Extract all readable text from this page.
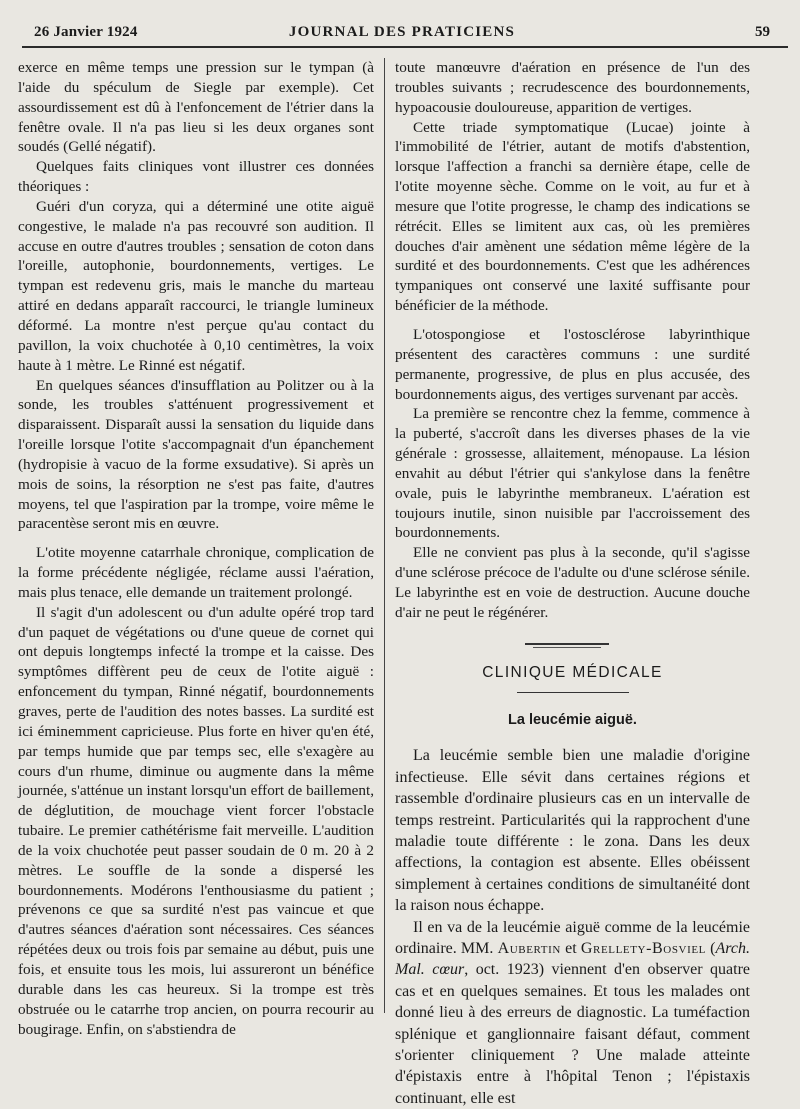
26 Janvier 1924	JOURNAL DES PRATICIENS	59

exerce en même temps une pression sur le tympan (à l'aide du spéculum de Siegle par exemple). Cet assourdissement est dû à l'enfoncement de l'étrier dans la fenêtre ovale. Il n'a pas lieu si les deux organes sont soudés (Gellé négatif).

Quelques faits cliniques vont illustrer ces données théoriques :

Guéri d'un coryza, qui a déterminé une otite aiguë congestive, le malade n'a pas recouvré son audition. Il accuse en outre d'autres troubles ; sensation de coton dans l'oreille, autophonie, bourdonnements, vertiges. Le tympan est redevenu gris, mais le manche du marteau attiré en dedans apparaît raccourci, le triangle lumineux déformé. La montre n'est perçue qu'au contact du pavillon, la voix chuchotée à 0,10 centimètres, la voix haute à 1 mètre. Le Rinné est négatif.

En quelques séances d'insufflation au Politzer ou à la sonde, les troubles s'atténuent progressivement et disparaissent. Disparaît aussi la sensation du liquide dans l'oreille lorsque l'otite s'accompagnait d'un épanchement (hydropisie à vacuo de la forme exsudative). Si après un mois de soins, la résorption ne s'est pas faite, d'autres moyens, tel que l'aspiration par la trompe, voire même le paracentèse seront mis en œuvre.

L'otite moyenne catarrhale chronique, complication de la forme précédente négligée, réclame aussi l'aération, mais plus tenace, elle demande un traitement prolongé.

Il s'agit d'un adolescent ou d'un adulte opéré trop tard d'un paquet de végétations ou d'une queue de cornet qui ont depuis longtemps infecté la trompe et la caisse. Des symptômes diffèrent peu de ceux de l'otite aiguë : enfoncement du tympan, Rinné négatif, bourdonnements graves, perte de l'audition des notes basses. La surdité est ici éminemment capricieuse. Plus forte en hiver qu'en été, par temps humide que par temps sec, elle s'exagère au cours d'un rhume, diminue ou augmente dans la même journée, s'atténue un instant lorsqu'un effort de baillement, de déglutition, de mouchage vient forcer l'obstacle tubaire. Le premier cathétérisme fait merveille. L'audition de la voix chuchotée peut passer soudain de 0 m. 20 à 2 mètres. Le souffle de la sonde a dispersé les bourdonnements. Modérons l'enthousiasme du patient ; prévenons ce que sa surdité n'est pas vaincue et que d'autres séances d'aération sont nécessaires. Ces séances répétées deux ou trois fois par semaine au début, puis une fois, et ensuite tous les mois, lui assureront un bénéfice durable dans les cas heureux. Si la trompe est très obstruée ou le catarrhe trop ancien, on pourra recourir au bougirage. Enfin, on s'abstiendra de

toute manœuvre d'aération en présence de l'un des troubles suivants ; recrudescence des bourdonnements, hypoacousie douloureuse, apparition de vertiges.

Cette triade symptomatique (Lucae) jointe à l'immobilité de l'étrier, autant de motifs d'abstention, lorsque l'affection a franchi sa dernière étape, celle de l'otite moyenne sèche. Comme on le voit, au fur et à mesure que l'otite progresse, le champ des indications se rétrécit. Elles se limitent aux cas, où les premières douches d'air amènent une sédation même légère de la surdité et des bourdonnements. C'est que les adhérences tympaniques ont conservé une laxité suffisante pour bénéficier de la méthode.

L'otospongiose et l'ostosclérose labyrinthique présentent des caractères communs : une surdité permanente, progressive, de plus en plus accusée, des bourdonnements aigus, des vertiges survenant par accès.

La première se rencontre chez la femme, commence à la puberté, s'accroît dans les diverses phases de la vie générale : grossesse, allaitement, ménopause. La lésion envahit au début l'étrier qui s'ankylose dans la fenêtre ovale, puis le labyrinthe membraneux. L'aération est toujours inutile, sinon nuisible par l'accroissement des bourdonnements.

Elle ne convient pas plus à la seconde, qu'il s'agisse d'une sclérose précoce de l'adulte ou d'une sclérose sénile. Le labyrinthe est en voie de destruction. Aucune douche d'air ne peut le régénérer.

CLINIQUE MÉDICALE
La leucémie aiguë.

La leucémie semble bien une maladie d'origine infectieuse. Elle sévit dans certaines régions et rassemble d'ordinaire plusieurs cas en un intervalle de temps restreint. Particularités qui la rapprochent d'une maladie toute différente : le zona. Dans les deux affections, la contagion est absente. Elles obéissent simplement à certaines conditions de simultanéité dont la raison nous échappe.

Il en va de la leucémie aiguë comme de la leucémie ordinaire. MM. Aubertin et Grellety-Bosviel (Arch. Mal. cœur, oct. 1923) viennent d'en observer quatre cas et en quelques semaines. Et tous les malades ont donné lieu à des erreurs de diagnostic. La tuméfaction splénique et ganglionnaire faisant défaut, comment s'orienter cliniquement ? Une malade atteinte d'épistaxis entre à l'hôpital Tenon ; l'épistaxis continuant, elle est
